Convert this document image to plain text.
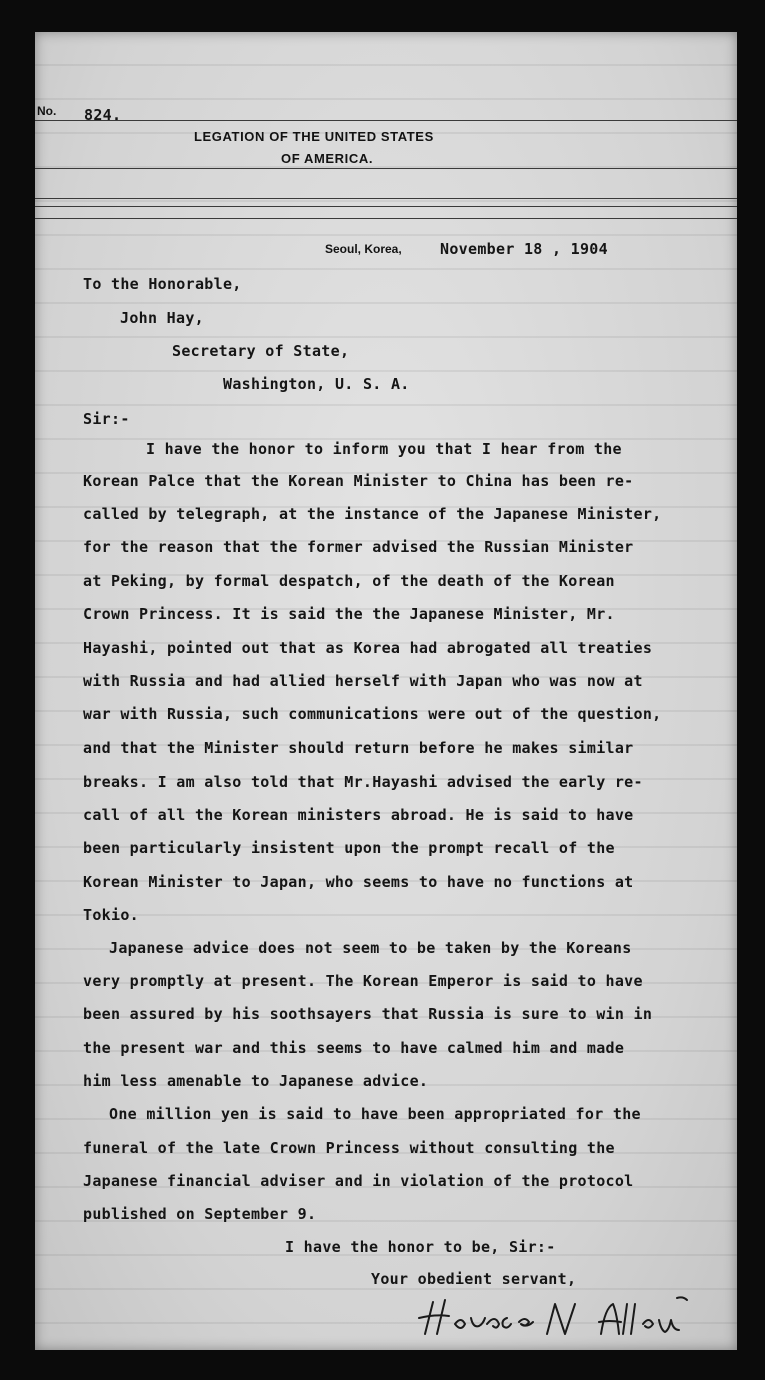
No. 824.
LEGATION OF THE UNITED STATES
OF AMERICA.
Seoul, Korea,	November 18 , 1904
To the Honorable,
John Hay,
Secretary of State,
Washington, U. S. A.
Sir:-
I have the honor to inform you that I hear from the
Korean Palce that the Korean Minister to China has been re-
called by telegraph, at the instance of the Japanese Minister,
for the reason that the former advised the Russian Minister
at Peking, by formal despatch, of the death of the Korean
Crown Princess. It is said the the Japanese Minister, Mr.
Hayashi, pointed out that as Korea had abrogated all treaties
with Russia and had allied herself with Japan who was now at
war with Russia, such communications were out of the question,
and that the Minister should return before he makes similar
breaks. I am also told that Mr.Hayashi advised the early re-
call of all the Korean ministers abroad. He is said to have
been particularly insistent upon the prompt recall of the
Korean Minister to Japan, who seems to have no functions at
Tokio.
Japanese advice does not seem to be taken by the Koreans
very promptly at present. The Korean Emperor is said to have
been assured by his soothsayers that Russia is sure to win in
the present war and this seems to have calmed him and made
him less amenable to Japanese advice.
One million yen is said to have been appropriated for the
funeral of the late Crown Princess without consulting the
Japanese financial adviser and in violation of the protocol
published on September 9.
I have the honor to be, Sir:-
Your obedient servant,
